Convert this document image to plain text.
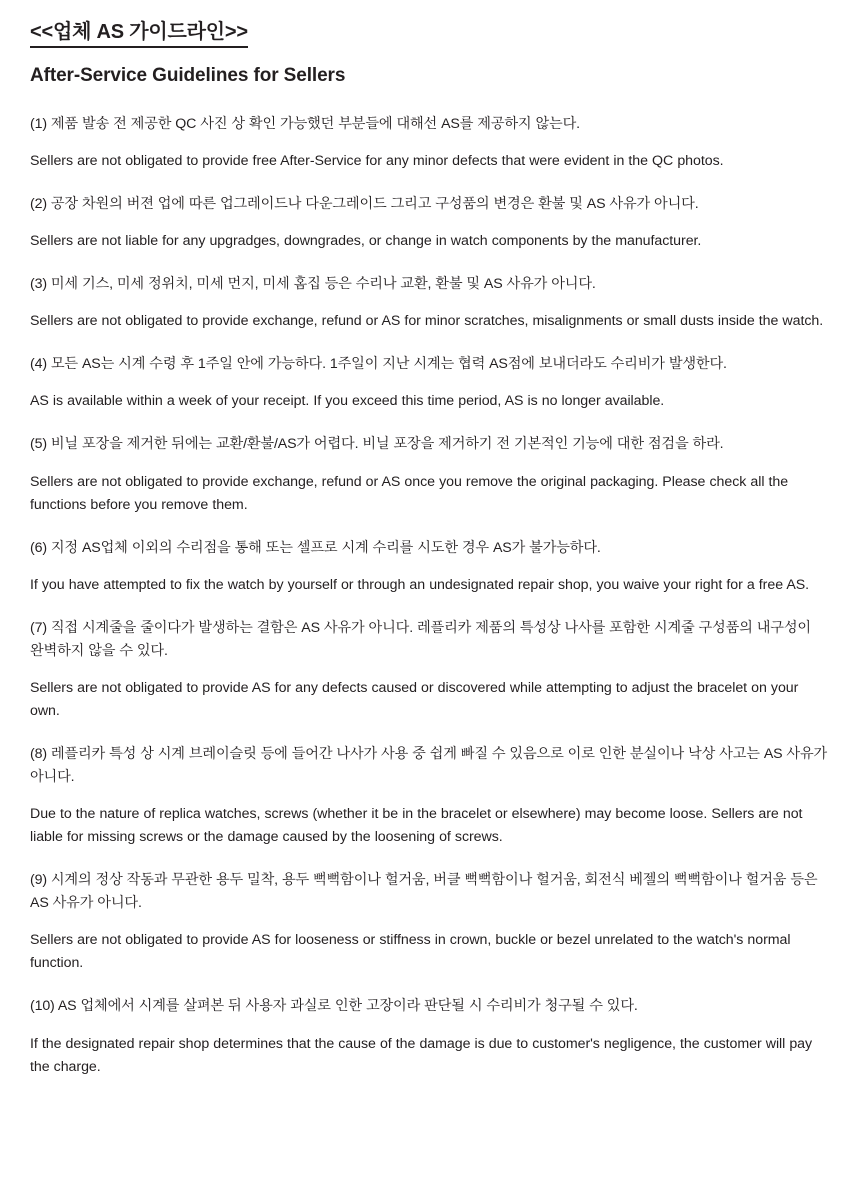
<<업체 AS 가이드라인>>
After-Service Guidelines for Sellers

(1) 제품 발송 전 제공한 QC 사진 상 확인 가능했던 부분들에 대해선 AS를 제공하지 않는다.

Sellers are not obligated to provide free After-Service for any minor defects that were evident in the QC photos.

(2) 공장 차원의 버젼 업에 따른 업그레이드나 다운그레이드 그리고 구성품의 변경은 환불 및 AS 사유가 아니다.

Sellers are not liable for any upgradges, downgrades, or change in watch components by the manufacturer.

(3) 미세 기스, 미세 정위치, 미세 먼지, 미세 홈집 등은 수리나 교환, 환불 및 AS 사유가 아니다.

Sellers are not obligated to provide exchange, refund or AS for minor scratches, misalignments or small dusts inside the watch.

(4) 모든 AS는 시계 수령 후 1주일 안에 가능하다. 1주일이 지난 시계는 협력 AS점에 보내더라도 수리비가 발생한다.

AS is available within a week of your receipt. If you exceed this time period, AS is no longer available.

(5) 비닐 포장을 제거한 뒤에는 교환/환불/AS가 어렵다. 비닐 포장을 제거하기 전 기본적인 기능에 대한 점검을 하라.

Sellers are not obligated to provide exchange, refund or AS once you remove the original packaging. Please check all the functions before you remove them.

(6) 지정 AS업체 이외의 수리점을 통해 또는 셀프로 시계 수리를 시도한 경우 AS가 불가능하다.

If you have attempted to fix the watch by yourself or through an undesignated repair shop, you waive your right for a free AS.

(7) 직접 시계줄을 줄이다가 발생하는 결함은 AS 사유가 아니다. 레플리카 제품의 특성상 나사를 포함한 시계줄 구성품의 내구성이 완벽하지 않을 수 있다.

Sellers are not obligated to provide AS for any defects caused or discovered while attempting to adjust the bracelet on your own.

(8) 레플리카 특성 상 시계 브레이슬릿 등에 들어간 나사가 사용 중 쉽게 빠질 수 있음으로 이로 인한 분실이나 낙상 사고는 AS 사유가 아니다.

Due to the nature of replica watches, screws (whether it be in the bracelet or elsewhere) may become loose. Sellers are not liable for missing screws or the damage caused by the loosening of screws.

(9) 시계의 정상 작동과 무관한 용두 밀착, 용두 뻑뻑함이나 헐거움, 버클 뻑뻑함이나 헐거움, 회전식 베젤의 뻑뻑함이나 헐거움 등은 AS 사유가 아니다.

Sellers are not obligated to provide AS for looseness or stiffness in crown, buckle or bezel unrelated to the watch's normal function.

(10) AS 업체에서 시계를 살펴본 뒤 사용자 과실로 인한 고장이라 판단될 시 수리비가 청구될 수 있다.

If the designated repair shop determines that the cause of the damage is due to customer's negligence, the customer will pay the charge.
